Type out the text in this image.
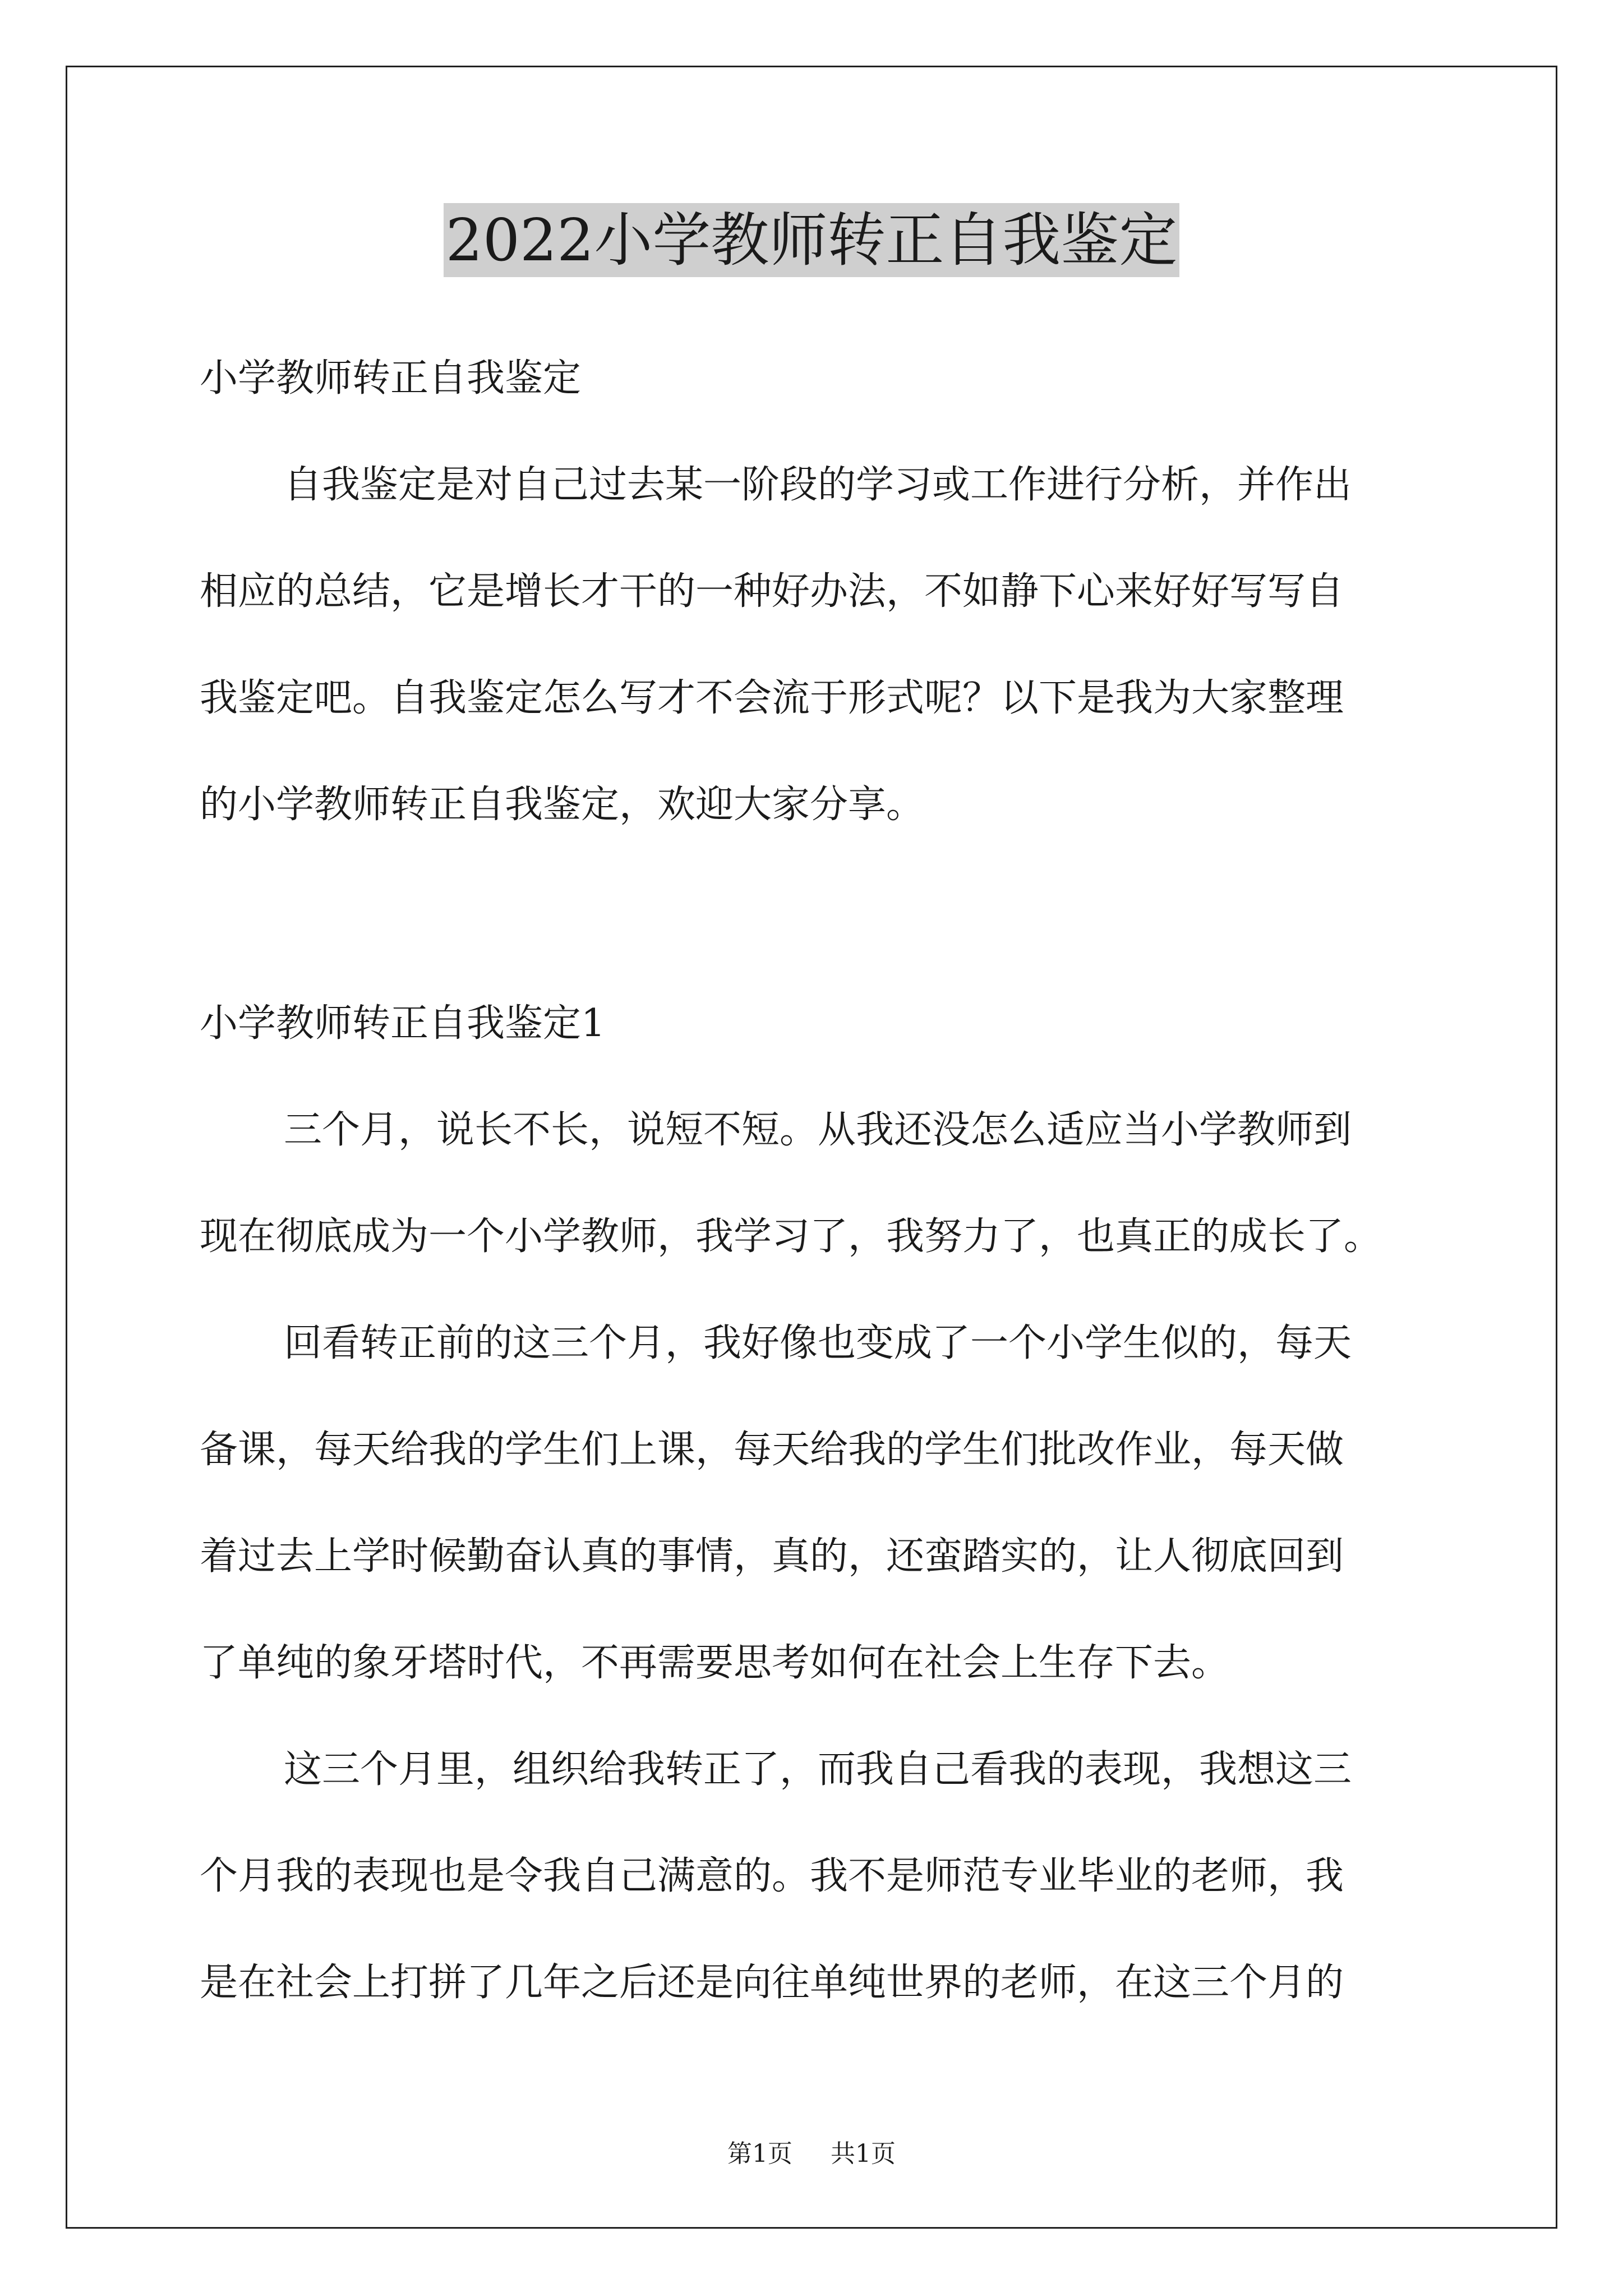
2022小学教师转正自我鉴定
小学教师转正自我鉴定
自我鉴定是对自己过去某一阶段的学习或工作进行分析，并作出
相应的总结，它是增长才干的一种好办法，不如静下心来好好写写自
我鉴定吧。自我鉴定怎么写才不会流于形式呢？以下是我为大家整理
的小学教师转正自我鉴定，欢迎大家分享。
小学教师转正自我鉴定1
三个月，说长不长，说短不短。从我还没怎么适应当小学教师到
现在彻底成为一个小学教师，我学习了，我努力了，也真正的成长了。
回看转正前的这三个月，我好像也变成了一个小学生似的，每天
备课，每天给我的学生们上课，每天给我的学生们批改作业，每天做
着过去上学时候勤奋认真的事情，真的，还蛮踏实的，让人彻底回到
了单纯的象牙塔时代，不再需要思考如何在社会上生存下去。
这三个月里，组织给我转正了，而我自己看我的表现，我想这三
个月我的表现也是令我自己满意的。我不是师范专业毕业的老师，我
是在社会上打拼了几年之后还是向往单纯世界的老师，在这三个月的
第1页 共1页
